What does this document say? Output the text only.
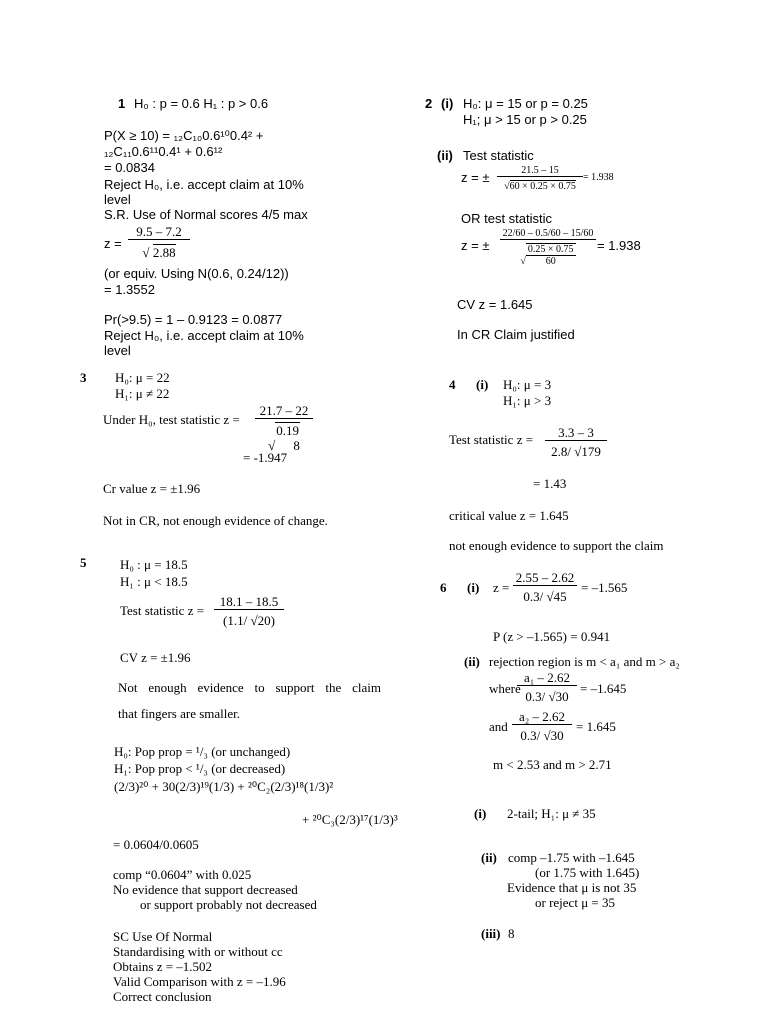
1 H₀ : p = 0.6 H₁ : p > 0.6
P(X ≥ 10) = ₁₂C₁₀0.6¹⁰0.4² +
₁₂C₁₁0.6¹¹0.4¹ + 0.6¹²
= 0.0834
Reject H₀, i.e. accept claim at 10%
level
S.R. Use of Normal scores 4/5 max
$z = \frac{9.5 - 7.2}{√ 2.88}$
(or equiv. Using N(0.6, 0.24/12))
= 1.3552
Pr(>9.5) = 1 – 0.9123 = 0.0877
Reject H₀, i.e. accept claim at 10%
level
2 (i) H₀: μ = 15 or p = 0.25
H₁; μ > 15 or p > 0.25
(ii) Test statistic
z = ± $\frac{21.5 - 15}{√60 \times 0.25 \times 0.75} = 1.938$
OR test statistic
z = ± $\frac{22/60 - 0.5/60 - 15/60}{√ \frac{0.25 \times 0.75}{60}} = 1.938$
CV z = 1.645
In CR Claim justified
3 H₀: μ = 22
H₁: μ ≠ 22
Under H₀, test statistic z = 21.7 – 22
√
0.19
8
= -1.947
Cr value z = ±1.96
Not in CR, not enough evidence of change.
4 (i) H₀: μ = 3
H₁: μ > 3
Test statistic $z = \frac{3.3 - 3}{2.8/ √179}$
= 1.43
critical value z = 1.645
not enough evidence to support the claim
5	H₀ : μ = 18.5
H₁ : μ < 18.5
Test statistic $z = \frac{18.1 - 18.5}{(1.1/ √20)}$
CV z = ±1.96
Not enough evidence to support the claim
that fingers are smaller.
H₀: Pop prop = ¹/₃ (or unchanged)
H₁: Pop prop < ¹/₃ (or decreased)
(2/3)²⁰ + 30(2/3)¹⁹(1/3) + ²⁰C₂(2/3)¹⁸(1/3)²
+ ²⁰C₃(2/3)¹⁷(1/3)³
= 0.0604/0.0605
comp “0.0604” with 0.025
No evidence that support decreased
or support probably not decreased
SC Use Of Normal
Standardising with or without cc
Obtains z = –1.502
Valid Comparison with z = –1.96
Correct conclusion
6 (i) $z = \frac{2.55 - 2.62}{0.3/ √45} = -1.565$
P (z > –1.565) = 0.941
(ii) rejection region is m < a₁ and m > a₂
where
$\frac{\text{a₁ – 2.62}}{0.3/ √30} = -1.645$
and $\frac{\text{a₂ – 2.62}}{0.3/ √30} = 1.645$
m < 2.53 and m > 2.71
(i) 2-tail; H₁: μ ≠ 35
(ii) comp –1.75 with –1.645
(or 1.75 with 1.645)
Evidence that μ is not 35
or reject μ = 35
(iii) 8
